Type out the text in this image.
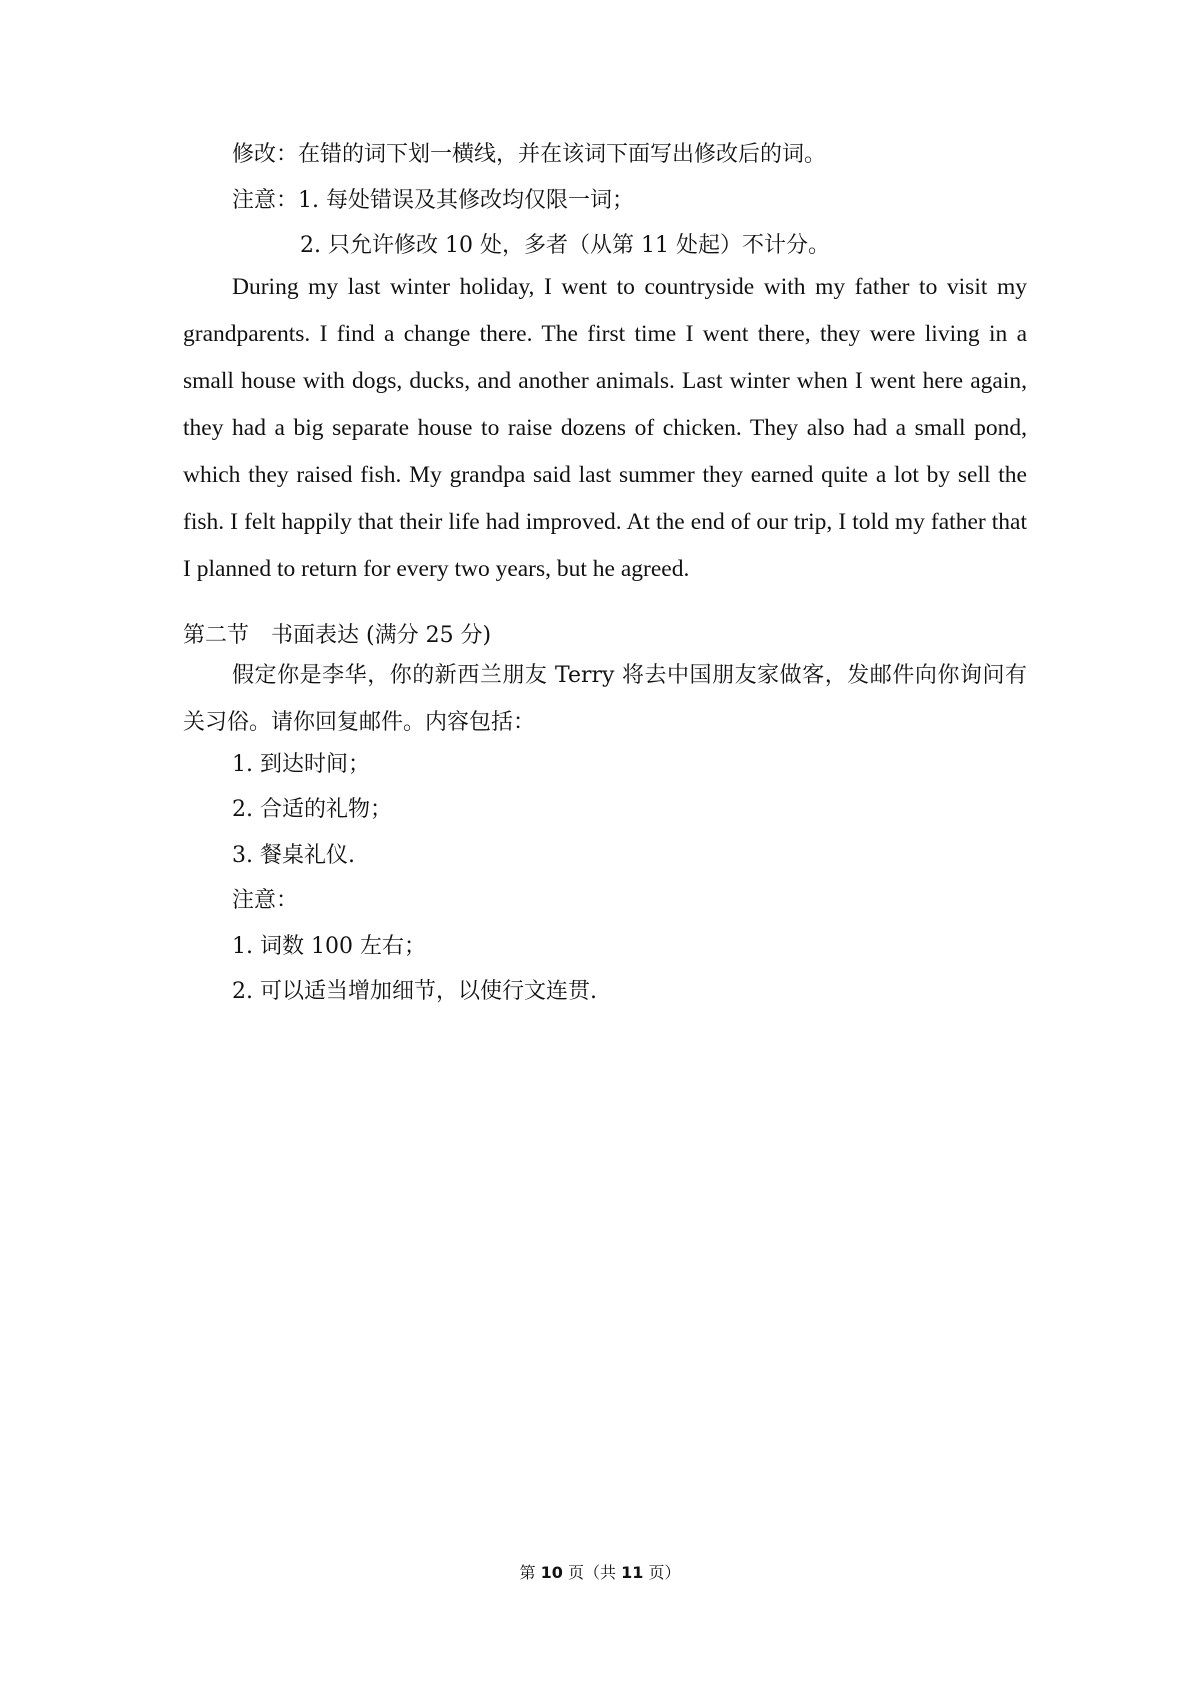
修改：在错的词下划一横线，并在该词下面写出修改后的词。
注意：1. 每处错误及其修改均仅限一词；
2. 只允许修改 10 处，多者（从第 11 处起）不计分。

During my last winter holiday, I went to countryside with my father to visit my grandparents. I find a change there. The first time I went there, they were living in a small house with dogs, ducks, and another animals. Last winter when I went here again, they had a big separate house to raise dozens of chicken. They also had a small pond, which they raised fish. My grandpa said last summer they earned quite a lot by sell the fish. I felt happily that their life had improved. At the end of our trip, I told my father that I planned to return for every two years, but he agreed.

第二节　书面表达 (满分 25 分)

假定你是李华，你的新西兰朋友 Terry 将去中国朋友家做客，发邮件向你询问有关习俗。请你回复邮件。内容包括：

1. 到达时间；
2. 合适的礼物；
3. 餐桌礼仪.
注意：
1. 词数 100 左右；
2. 可以适当增加细节，以使行文连贯.
第 10 页（共 11 页）
